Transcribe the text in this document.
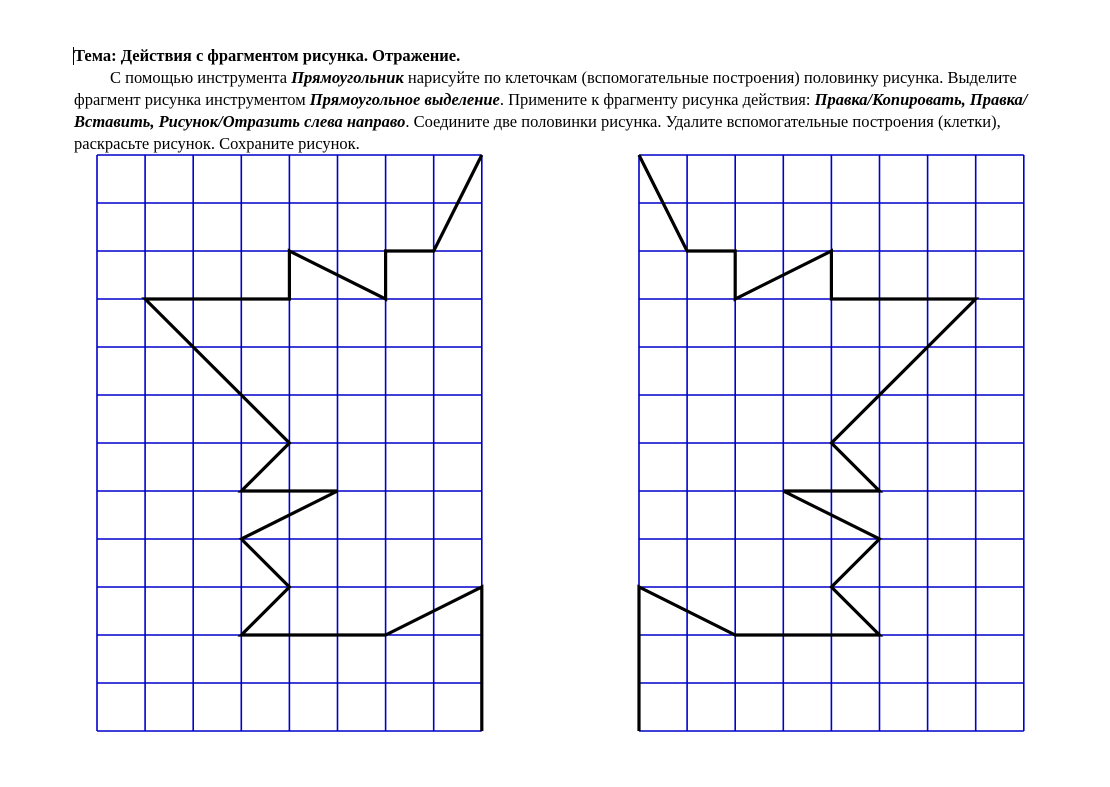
Тема: Действия с фрагментом рисунка. Отражение.
С помощью инструмента Прямоугольник нарисуйте по клеточкам (вспомогательные построения) половинку рисунка. Выделите фрагмент рисунка инструментом Прямоугольное выделение. Примените к фрагменту рисунка действия: Правка/Копировать, Правка/Вставить, Рисунок/Отразить слева направо. Соедините две половинки рисунка. Удалите вспомогательные построения (клетки), раскрасьте рисунок. Сохраните рисунок.
